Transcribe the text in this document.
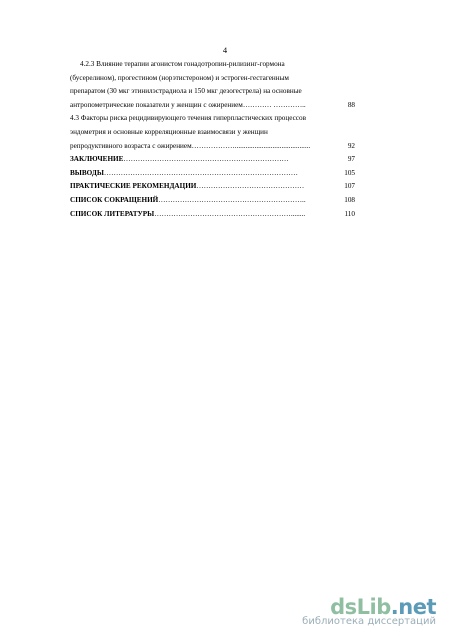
4
4.2.3 Влияние терапии агонистом гонадотропин-рилизинг-гормона
(бусерелином), прогестином (норэтистероном) и эстроген-гестагенным
препаратом (30 мкг этинилэстрадиола и 150 мкг дезогестрела) на основные
антропометрические показатели у женщин с ожирением………… …………..	88
4.3 Факторы риска рецидивирующего течения гиперпластических процессов
эндометрия и основные корреляционные взаимосвязи у женщин
репродуктивного возраста с ожирением………………..........................................	92
ЗАКЛЮЧЕНИЕ……………………………………………………………	97
ВЫВОДЫ………………………………………………………………………	105
ПРАКТИЧЕСКИЕ РЕКОМЕНДАЦИИ………………………………………	107
СПИСОК СОКРАЩЕНИЙ……………………………………………………..	108
СПИСОК ЛИТЕРАТУРЫ…………………………………………………........	110
dsLib.net
библиотека диссертаций
